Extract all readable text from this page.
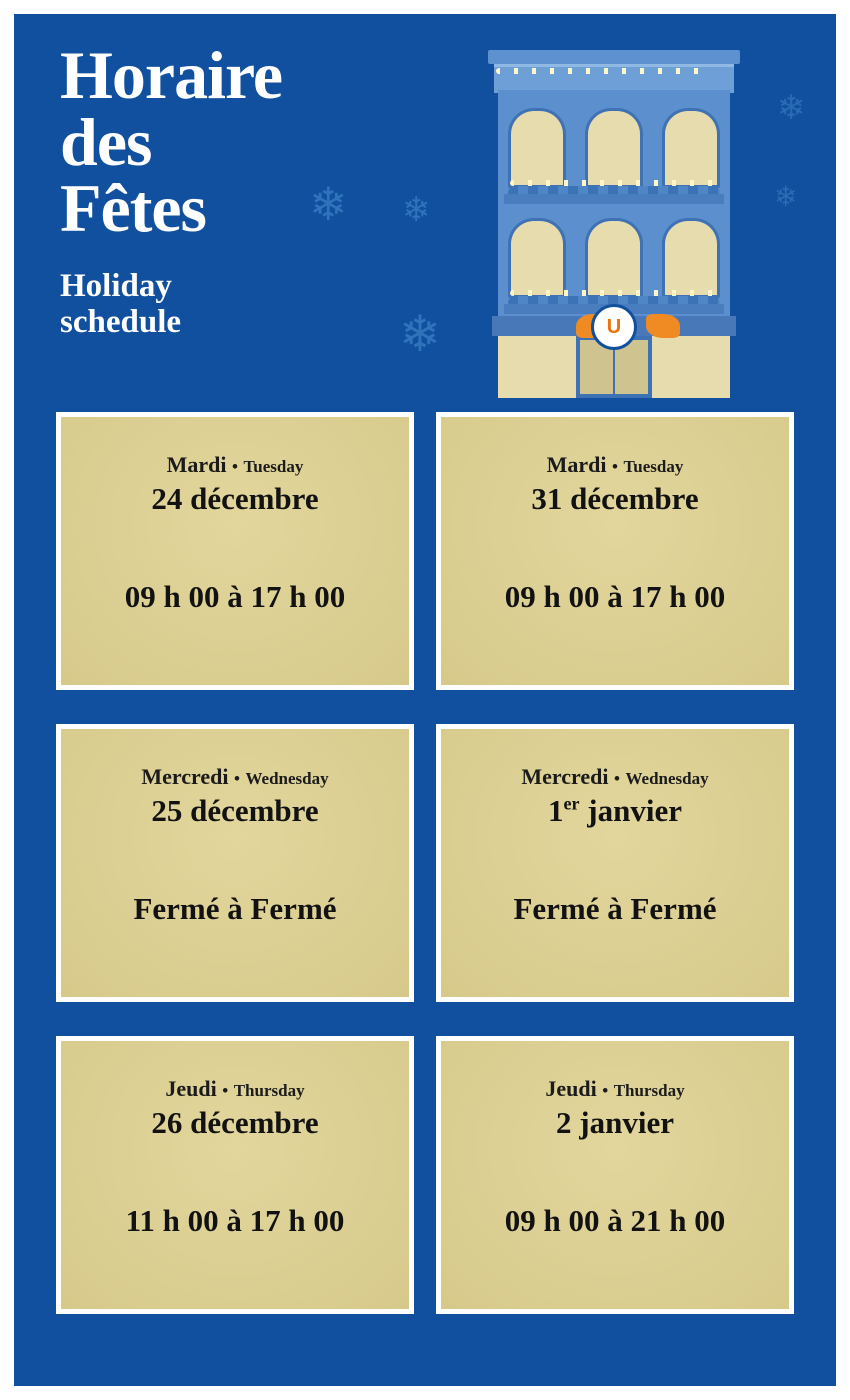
Horaire
des
Fêtes
Holiday
schedule
❄ ❄
❄
❄
❄
U
Mardi • Tuesday
24 décembre
09 h 00 à 17 h 00
Mardi • Tuesday
31 décembre
09 h 00 à 17 h 00
Mercredi • Wednesday
25 décembre
Fermé à Fermé
Mercredi • Wednesday
1er janvier
Fermé à Fermé
Jeudi • Thursday
26 décembre
11 h 00 à 17 h 00
Jeudi • Thursday
2 janvier
09 h 00 à 21 h 00
